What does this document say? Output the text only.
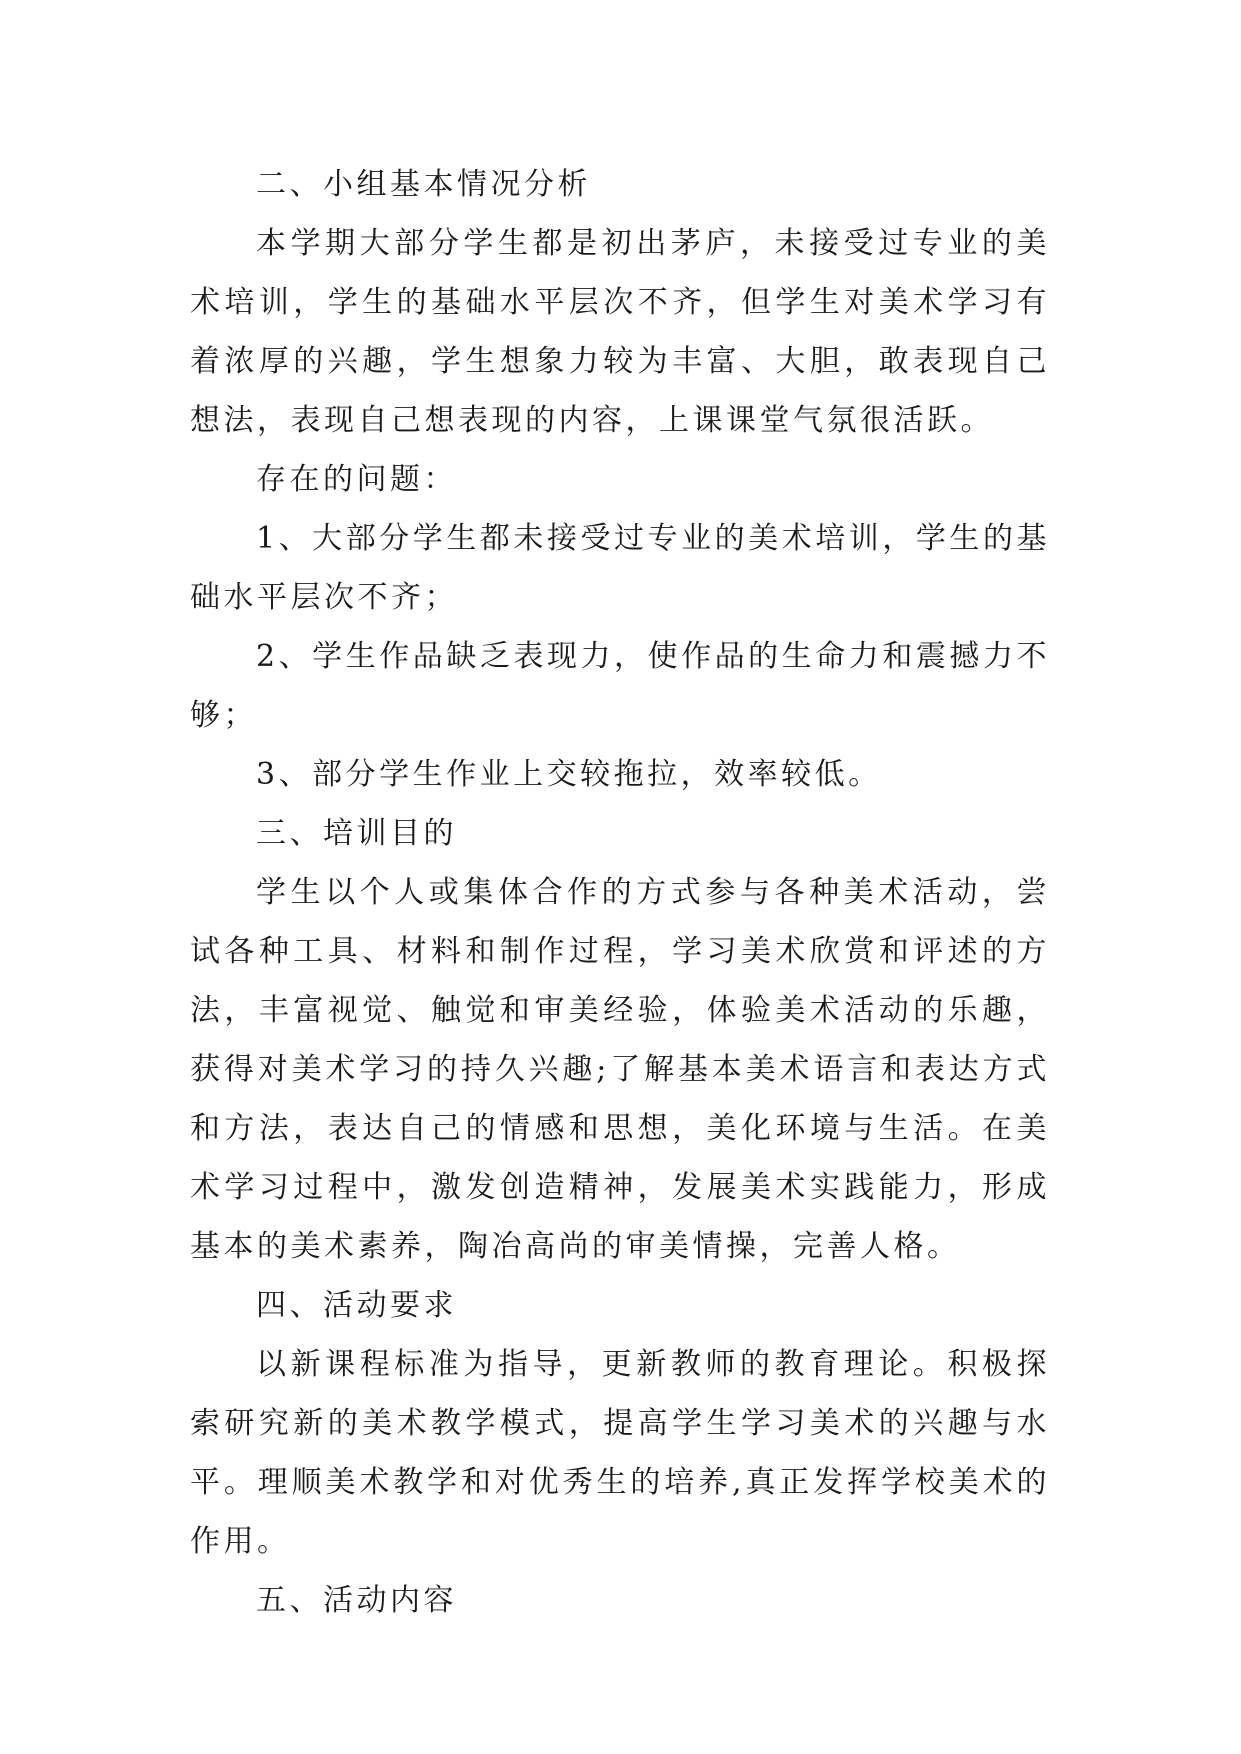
二、小组基本情况分析

本学期大部分学生都是初出茅庐，未接受过专业的美术培训，学生的基础水平层次不齐，但学生对美术学习有着浓厚的兴趣，学生想象力较为丰富、大胆，敢表现自己想法，表现自己想表现的内容，上课课堂气氛很活跃。

存在的问题：

1、大部分学生都未接受过专业的美术培训，学生的基础水平层次不齐；

2、学生作品缺乏表现力，使作品的生命力和震撼力不够；

3、部分学生作业上交较拖拉，效率较低。

三、培训目的

学生以个人或集体合作的方式参与各种美术活动，尝试各种工具、材料和制作过程，学习美术欣赏和评述的方法，丰富视觉、触觉和审美经验，体验美术活动的乐趣，获得对美术学习的持久兴趣;了解基本美术语言和表达方式和方法，表达自己的情感和思想，美化环境与生活。在美术学习过程中，激发创造精神，发展美术实践能力，形成基本的美术素养，陶冶高尚的审美情操，完善人格。

四、活动要求

以新课程标准为指导，更新教师的教育理论。积极探索研究新的美术教学模式，提高学生学习美术的兴趣与水平。理顺美术教学和对优秀生的培养,真正发挥学校美术的作用。

五、活动内容
